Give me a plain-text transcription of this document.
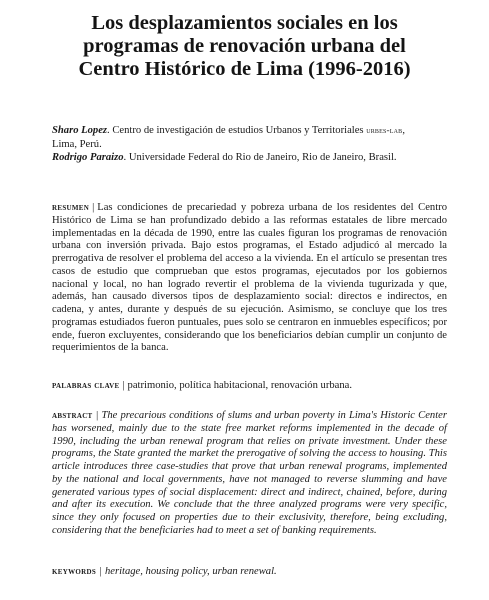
Los desplazamientos sociales en los
programas de renovación urbana del
Centro Histórico de Lima (1996-2016)
Sharo Lopez. Centro de investigación de estudios Urbanos y Territoriales urbes-lab,
Lima, Perú.
Rodrigo Paraizo. Universidade Federal do Rio de Janeiro, Rio de Janeiro, Brasil.
resumen | Las condiciones de precariedad y pobreza urbana de los residentes del Centro Histórico de Lima se han profundizado debido a las reformas estatales de libre mercado implementadas en la década de 1990, entre las cuales figuran los programas de renovación urbana con inversión privada. Bajo estos programas, el Estado adjudicó al mercado la prerrogativa de resolver el problema del acceso a la vivienda. En el artículo se presentan tres casos de estudio que comprueban que estos programas, ejecutados por los gobiernos nacional y local, no han logrado revertir el problema de la vivienda tugurizada y que, además, han causado diversos tipos de desplazamiento social: directos e indirectos, en cadena, y antes, durante y después de su ejecución. Asimismo, se concluye que los tres programas estudiados fueron puntuales, pues solo se centraron en inmuebles específicos; por ende, fueron excluyentes, considerando que los beneficiarios debían cumplir un conjunto de requerimientos de la banca.
palabras clave | patrimonio, política habitacional, renovación urbana.
abstract | The precarious conditions of slums and urban poverty in Lima's Historic Center has worsened, mainly due to the state free market reforms implemented in the decade of 1990, including the urban renewal program that relies on private investment. Under these programs, the State granted the market the prerogative of solving the access to housing. This article introduces three case-studies that prove that urban renewal programs, implemented by the national and local governments, have not managed to reverse slumming and have generated various types of social displacement: direct and indirect, chained, before, during and after its execution. We conclude that the three analyzed programs were very specific, since they only focused on properties due to their exclusivity, therefore, being excluding, considering that the beneficiaries had to meet a set of banking requirements.
keywords | heritage, housing policy, urban renewal.
